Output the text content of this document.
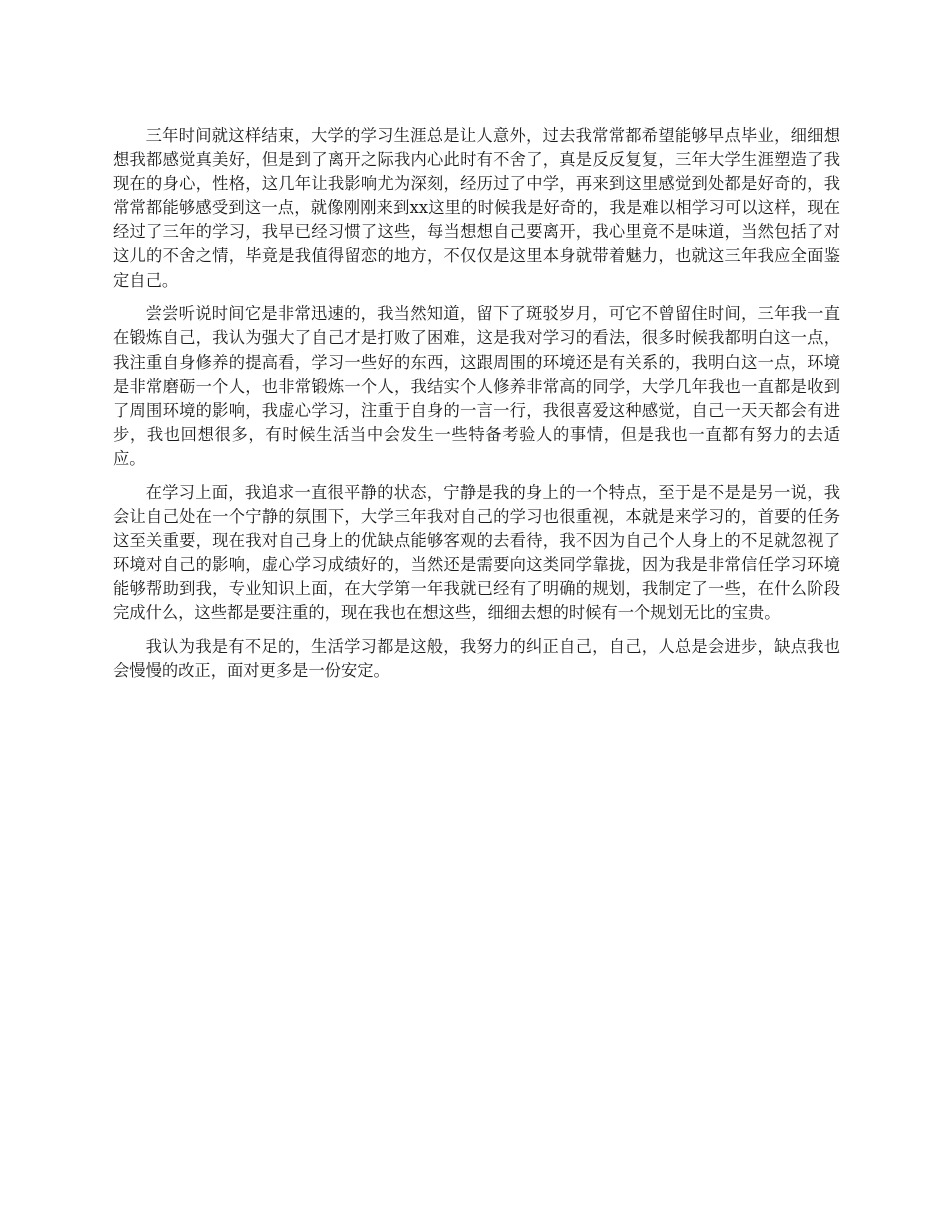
三年时间就这样结束，大学的学习生涯总是让人意外，过去我常常都希望能够早点毕业，细细想想我都感觉真美好，但是到了离开之际我内心此时有不舍了，真是反反复复，三年大学生涯塑造了我现在的身心，性格，这几年让我影响尤为深刻，经历过了中学，再来到这里感觉到处都是好奇的，我常常都能够感受到这一点，就像刚刚来到xx这里的时候我是好奇的，我是难以相学习可以这样，现在经过了三年的学习，我早已经习惯了这些，每当想想自己要离开，我心里竟不是味道，当然包括了对这儿的不舍之情，毕竟是我值得留恋的地方，不仅仅是这里本身就带着魅力，也就这三年我应全面鉴定自己。

尝尝听说时间它是非常迅速的，我当然知道，留下了斑驳岁月，可它不曾留住时间，三年我一直在锻炼自己，我认为强大了自己才是打败了困难，这是我对学习的看法，很多时候我都明白这一点，我注重自身修养的提高看，学习一些好的东西，这跟周围的环境还是有关系的，我明白这一点，环境是非常磨砺一个人，也非常锻炼一个人，我结实个人修养非常高的同学，大学几年我也一直都是收到了周围环境的影响，我虚心学习，注重于自身的一言一行，我很喜爱这种感觉，自己一天天都会有进步，我也回想很多，有时候生活当中会发生一些特备考验人的事情，但是我也一直都有努力的去适应。

在学习上面，我追求一直很平静的状态，宁静是我的身上的一个特点，至于是不是是另一说，我会让自己处在一个宁静的氛围下，大学三年我对自己的学习也很重视，本就是来学习的，首要的任务这至关重要，现在我对自己身上的优缺点能够客观的去看待，我不因为自己个人身上的不足就忽视了环境对自己的影响，虚心学习成绩好的，当然还是需要向这类同学靠拢，因为我是非常信任学习环境能够帮助到我，专业知识上面，在大学第一年我就已经有了明确的规划，我制定了一些，在什么阶段完成什么，这些都是要注重的，现在我也在想这些，细细去想的时候有一个规划无比的宝贵。

我认为我是有不足的，生活学习都是这般，我努力的纠正自己，自己，人总是会进步，缺点我也会慢慢的改正，面对更多是一份安定。
